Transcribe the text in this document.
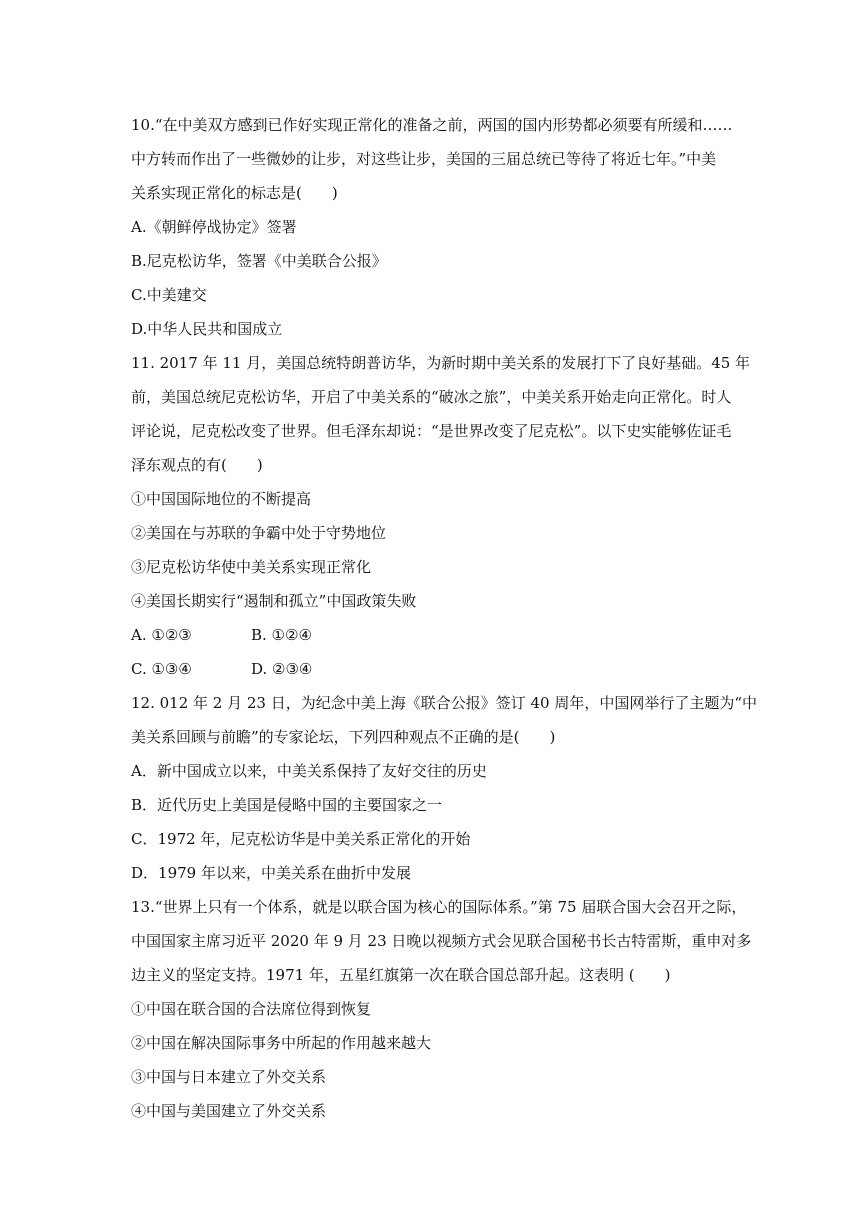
10.“在中美双方感到已作好实现正常化的准备之前，两国的国内形势都必须要有所缓和……
中方转而作出了一些微妙的让步，对这些让步，美国的三届总统已等待了将近七年。”中美
关系实现正常化的标志是(　　)
A.《朝鲜停战协定》签署
B.尼克松访华，签署《中美联合公报》
C.中美建交
D.中华人民共和国成立
11. 2017 年 11 月，美国总统特朗普访华，为新时期中美关系的发展打下了良好基础。45 年
前，美国总统尼克松访华，开启了中美关系的“破冰之旅”，中美关系开始走向正常化。时人
评论说，尼克松改变了世界。但毛泽东却说：“是世界改变了尼克松”。以下史实能够佐证毛
泽东观点的有(　　)
①中国国际地位的不断提高
②美国在与苏联的争霸中处于守势地位
③尼克松访华使中美关系实现正常化
④美国长期实行“遏制和孤立”中国政策失败
A. ①②③	B. ①②④
C. ①③④	D. ②③④
12. 012 年 2 月 23 日，为纪念中美上海《联合公报》签订 40 周年，中国网举行了主题为“中
美关系回顾与前瞻”的专家论坛，下列四种观点不正确的是(　　)
A．新中国成立以来，中美关系保持了友好交往的历史
B．近代历史上美国是侵略中国的主要国家之一
C．1972 年，尼克松访华是中美关系正常化的开始
D．1979 年以来，中美关系在曲折中发展
13.“世界上只有一个体系，就是以联合国为核心的国际体系。”第 75 届联合国大会召开之际，
中国国家主席习近平 2020 年 9 月 23 日晚以视频方式会见联合国秘书长古特雷斯，重申对多
边主义的坚定支持。1971 年，五星红旗第一次在联合国总部升起。这表明 (　　)
①中国在联合国的合法席位得到恢复
②中国在解决国际事务中所起的作用越来越大
③中国与日本建立了外交关系
④中国与美国建立了外交关系
